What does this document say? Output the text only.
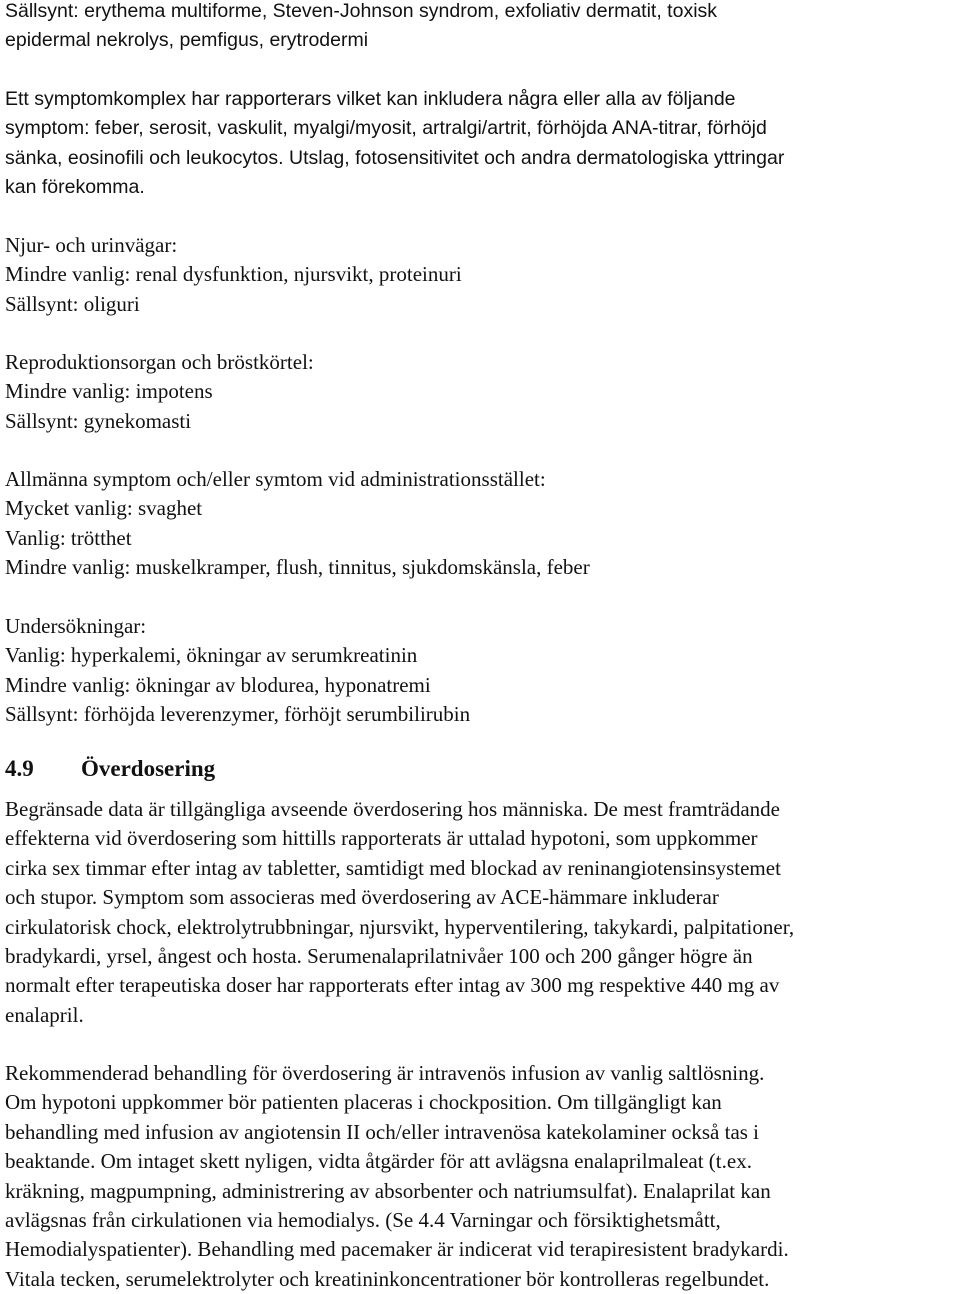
Sällsynt: erythema multiforme, Steven-Johnson syndrom, exfoliativ dermatit, toxisk
epidermal nekrolys, pemfigus, erytrodermi
Ett symptomkomplex har rapporterars vilket kan inkludera några eller alla av följande
symptom: feber, serosit, vaskulit, myalgi/myosit, artralgi/artrit, förhöjda ANA-titrar, förhöjd
sänka, eosinofili och leukocytos. Utslag, fotosensitivitet och andra dermatologiska yttringar
kan förekomma.
Njur- och urinvägar:
Mindre vanlig: renal dysfunktion, njursvikt, proteinuri
Sällsynt: oliguri
Reproduktionsorgan och bröstkörtel:
Mindre vanlig: impotens
Sällsynt: gynekomasti
Allmänna symptom och/eller symtom vid administrationsstället:
Mycket vanlig: svaghet
Vanlig: trötthet
Mindre vanlig: muskelkramper, flush, tinnitus, sjukdomskänsla, feber
Undersökningar:
Vanlig: hyperkalemi, ökningar av serumkreatinin
Mindre vanlig: ökningar av blodurea, hyponatremi
Sällsynt: förhöjda leverenzymer, förhöjt serumbilirubin
4.9 Överdosering
Begränsade data är tillgängliga avseende överdosering hos människa. De mest framträdande
effekterna vid överdosering som hittills rapporterats är uttalad hypotoni, som uppkommer
cirka sex timmar efter intag av tabletter, samtidigt med blockad av reninangiotensinsystemet
och stupor. Symptom som associeras med överdosering av ACE-hämmare inkluderar
cirkulatorisk chock, elektrolytrubbningar, njursvikt, hyperventilering, takykardi, palpitationer,
bradykardi, yrsel, ångest och hosta. Serumenalaprilatnivåer 100 och 200 gånger högre än
normalt efter terapeutiska doser har rapporterats efter intag av 300 mg respektive 440 mg av
enalapril.
Rekommenderad behandling för överdosering är intravenös infusion av vanlig saltlösning.
Om hypotoni uppkommer bör patienten placeras i chockposition. Om tillgängligt kan
behandling med infusion av angiotensin II och/eller intravenösa katekolaminer också tas i
beaktande. Om intaget skett nyligen, vidta åtgärder för att avlägsna enalaprilmaleat (t.ex.
kräkning, magpumpning, administrering av absorbenter och natriumsulfat). Enalaprilat kan
avlägsnas från cirkulationen via hemodialys. (Se 4.4 Varningar och försiktighetsmått,
Hemodialyspatienter). Behandling med pacemaker är indicerat vid terapiresistent bradykardi.
Vitala tecken, serumelektrolyter och kreatininkoncentrationer bör kontrolleras regelbundet.
